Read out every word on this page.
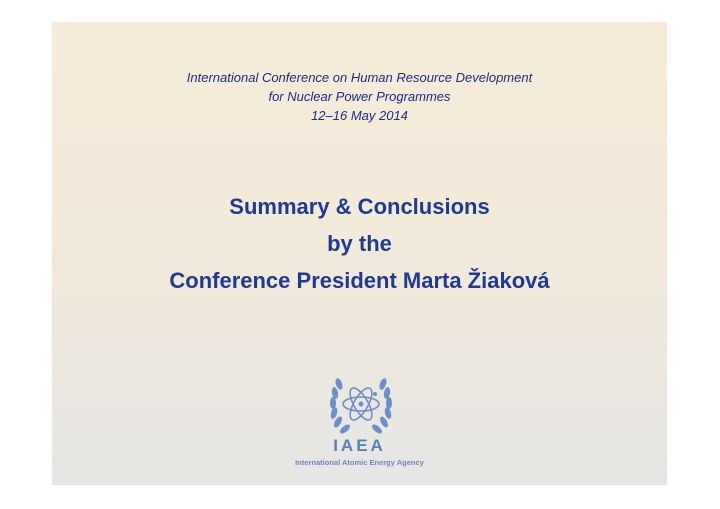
International Conference on Human Resource Development
for Nuclear Power Programmes
12–16 May 2014
Summary & Conclusions
by the
Conference President Marta Žiaková
IAEA
International Atomic Energy Agency
